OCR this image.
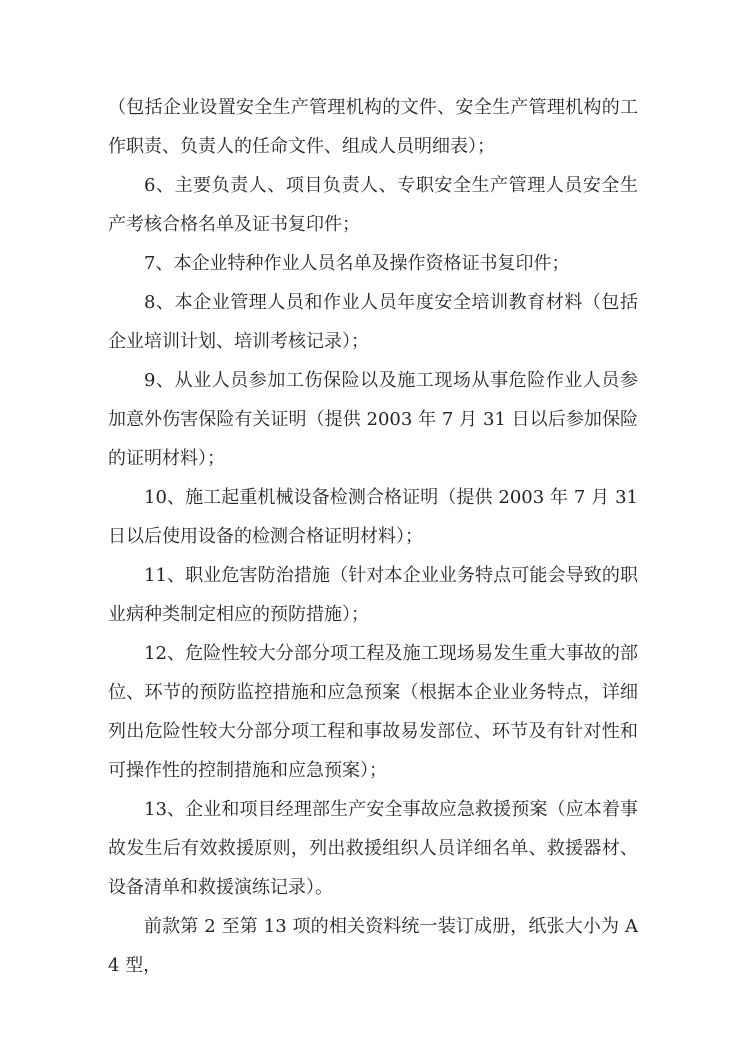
（包括企业设置安全生产管理机构的文件、安全生产管理机构的工作职责、负责人的任命文件、组成人员明细表）；

6、主要负责人、项目负责人、专职安全生产管理人员安全生产考核合格名单及证书复印件；

7、本企业特种作业人员名单及操作资格证书复印件；

8、本企业管理人员和作业人员年度安全培训教育材料（包括企业培训计划、培训考核记录）；

9、从业人员参加工伤保险以及施工现场从事危险作业人员参加意外伤害保险有关证明（提供 2003 年 7 月 31 日以后参加保险的证明材料）；

10、施工起重机械设备检测合格证明（提供 2003 年 7 月 31 日以后使用设备的检测合格证明材料）；

11、职业危害防治措施（针对本企业业务特点可能会导致的职业病种类制定相应的预防措施）；

12、危险性较大分部分项工程及施工现场易发生重大事故的部位、环节的预防监控措施和应急预案（根据本企业业务特点，详细列出危险性较大分部分项工程和事故易发部位、环节及有针对性和可操作性的控制措施和应急预案）；

13、企业和项目经理部生产安全事故应急救援预案（应本着事故发生后有效救援原则，列出救援组织人员详细名单、救援器材、设备清单和救援演练记录）。

前款第 2 至第 13 项的相关资料统一装订成册，纸张大小为 A4 型，
